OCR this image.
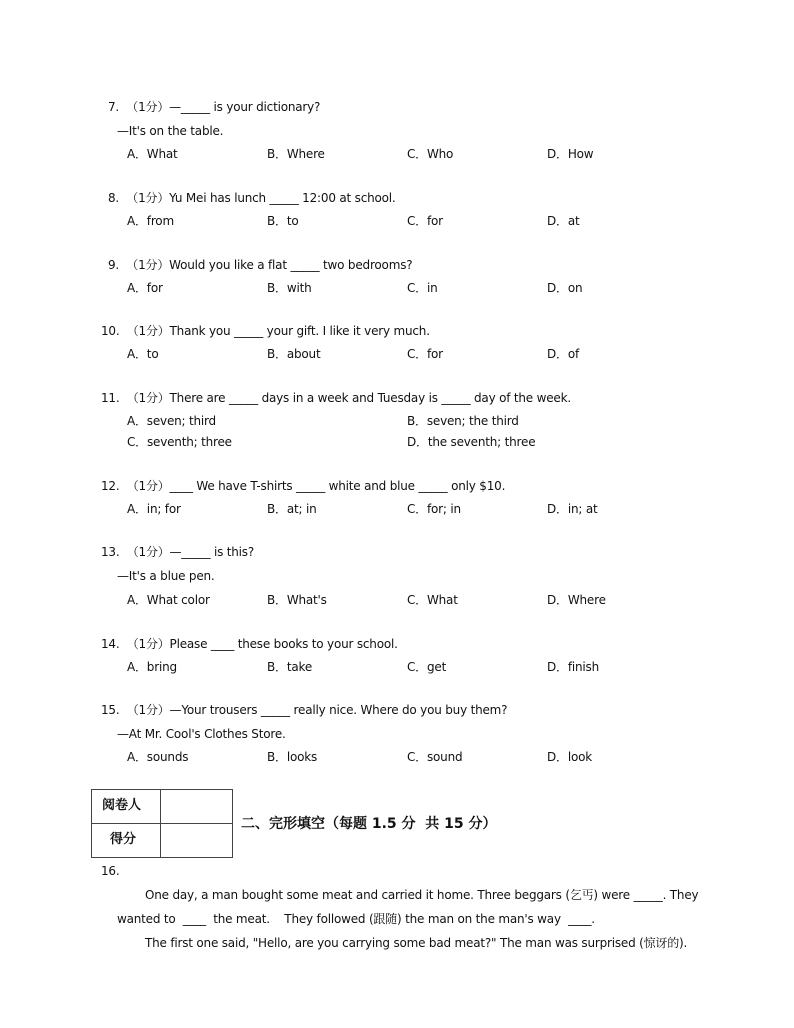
7.  （1分）—_____ is your dictionary?
—It's on the table.
A．What	B．Where	C．Who	D．How
8.  （1分）Yu Mei has lunch _____ 12:00 at school.
A．from	B．to	C．for	D．at
9.  （1分）Would you like a flat _____ two bedrooms?
A．for	B．with	C．in	D．on
10.  （1分）Thank you _____ your gift. I like it very much.
A．to	B．about	C．for	D．of
11.  （1分）There are _____ days in a week and Tuesday is _____ day of the week.
A．seven; third	B．seven; the third
C．seventh; three	D．the seventh; three
12.  （1分）____ We have T-shirts _____ white and blue _____ only $10.
A．in; for	B．at; in	C．for; in	D．in; at
13.  （1分）—_____ is this?
—It's a blue pen.
A．What color	B．What's	C．What	D．Where
14.  （1分）Please ____ these books to your school.
A．bring	B．take	C．get	D．finish
15.  （1分）—Your trousers _____ really nice. Where do you buy them?
—At Mr. Cool's Clothes Store.
A．sounds	B．looks	C．sound	D．look
阅卷人
得分
二、完形填空（每题 1.5 分  共 15 分）
16.
One day, a man bought some meat and carried it home. Three beggars (乞丐) were _____. They
wanted to  ____  the meat.    They followed (跟随) the man on the man's way  ____.
The first one said, "Hello, are you carrying some bad meat?" The man was surprised (惊讶的).
